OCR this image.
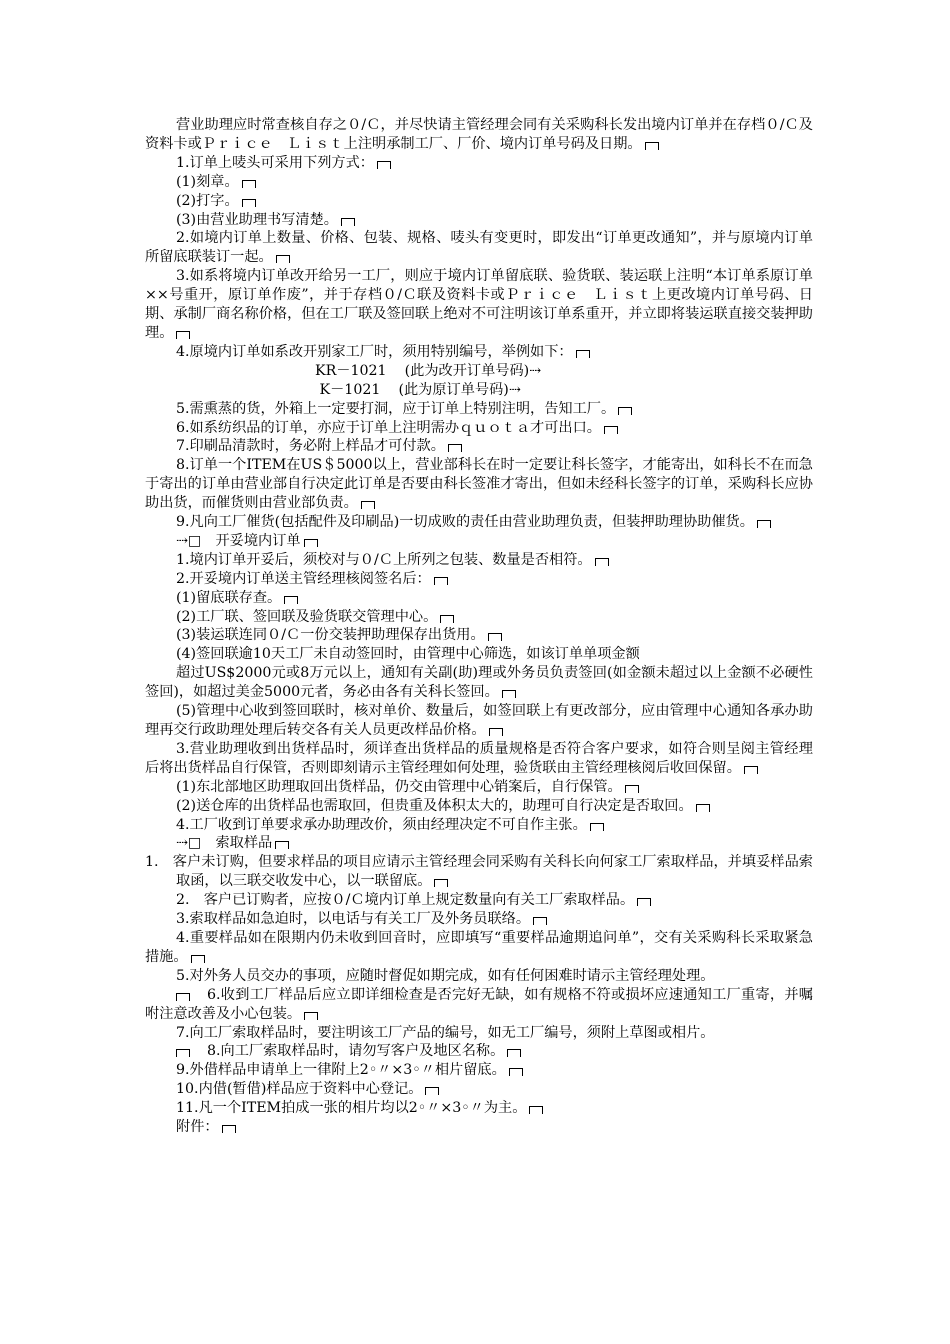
营业助理应时常查核自存之０/Ｃ，并尽快请主管经理会同有关采购科长发出境内订单并在存档０/Ｃ及资料卡或Ｐｒｉｃｅ　Ｌｉｓｔ上注明承制工厂、厂价、境内订单号码及日期。

1.订单上唛头可采用下列方式：

(1)刻章。

(2)打字。

(3)由营业助理书写清楚。

2.如境内订单上数量、价格、包装、规格、唛头有变更时，即发出“订单更改通知”，并与原境内订单所留底联装订一起。

3.如系将境内订单改开给另一工厂，则应于境内订单留底联、验货联、装运联上注明“本订单系原订单××号重开，原订单作废”，并于存档０/Ｃ联及资料卡或Ｐｒｉｃｅ　Ｌｉｓｔ上更改境内订单号码、日期、承制厂商名称价格，但在工厂联及签回联上绝对不可注明该订单系重开，并立即将装运联直接交装押助理。

4.原境内订单如系改开别家工厂时，须用特别编号，举例如下：

KR－1021    (此为改开订单号码)⇢

K－1021    (此为原订单号码)⇢

5.需熏蒸的货，外箱上一定要打洞，应于订单上特别注明，告知工厂。

6.如系纺织品的订单，亦应于订单上注明需办ｑｕｏｔａ才可出口。

7.印刷品清款时，务必附上样品才可付款。

8.订单一个ITEM在US＄5000以上，营业部科长在时一定要让科长签字，才能寄出，如科长不在而急于寄出的订单由营业部自行决定此订单是否要由科长签准才寄出，但如未经科长签字的订单，采购科长应协助出货，而催货则由营业部负责。

9.凡向工厂催货(包括配件及印刷品)一切成败的责任由营业助理负责，但装押助理协助催货。

⇢□　开妥境内订单

1.境内订单开妥后，须校对与０/Ｃ上所列之包装、数量是否相符。

2.开妥境内订单送主管经理核阅签名后：

(1)留底联存查。

(2)工厂联、签回联及验货联交管理中心。

(3)装运联连同０/Ｃ一份交装押助理保存出货用。

(4)签回联逾10天工厂未自动签回时，由管理中心筛选，如该订单单项金额

超过US$2000元或8万元以上，通知有关副(助)理或外务员负责签回(如金额未超过以上金额不必硬性签回)，如超过美金5000元者，务必由各有关科长签回。

(5)管理中心收到签回联时，核对单价、数量后，如签回联上有更改部分，应由管理中心通知各承办助理再交行政助理处理后转交各有关人员更改样品价格。

3.营业助理收到出货样品时，须详查出货样品的质量规格是否符合客户要求，如符合则呈阅主管经理后将出货样品自行保管，否则即刻请示主管经理如何处理，验货联由主管经理核阅后收回保留。

(1)东北部地区助理取回出货样品，仍交由管理中心销案后，自行保管。

(2)送仓库的出货样品也需取回，但贵重及体积太大的，助理可自行决定是否取回。

4.工厂收到订单要求承办助理改价，须由经理决定不可自作主张。

⇢□　索取样品

1.　客户未订购，但要求样品的项目应请示主管经理会同采购有关科长向何家工厂索取样品，并填妥样品索取函，以三联交收发中心，以一联留底。

2.　客户已订购者，应按０/Ｃ境内订单上规定数量向有关工厂索取样品。

3.索取样品如急迫时，以电话与有关工厂及外务员联络。

4.重要样品如在限期内仍未收到回音时，应即填写“重要样品逾期追问单”，交有关采购科长采取紧急措施。

5.对外务人员交办的事项，应随时督促如期完成，如有任何困难时请示主管经理处理。

6.收到工厂样品后应立即详细检查是否完好无缺，如有规格不符或损坏应速通知工厂重寄，并嘱咐注意改善及小心包装。

7.向工厂索取样品时，要注明该工厂产品的编号，如无工厂编号，须附上草图或相片。

8.向工厂索取样品时，请勿写客户及地区名称。

9.外借样品申请单上一律附上2◦〃×3◦〃相片留底。

10.内借(暂借)样品应于资料中心登记。

11.凡一个ITEM拍成一张的相片均以2◦〃×3◦〃为主。

附件：
